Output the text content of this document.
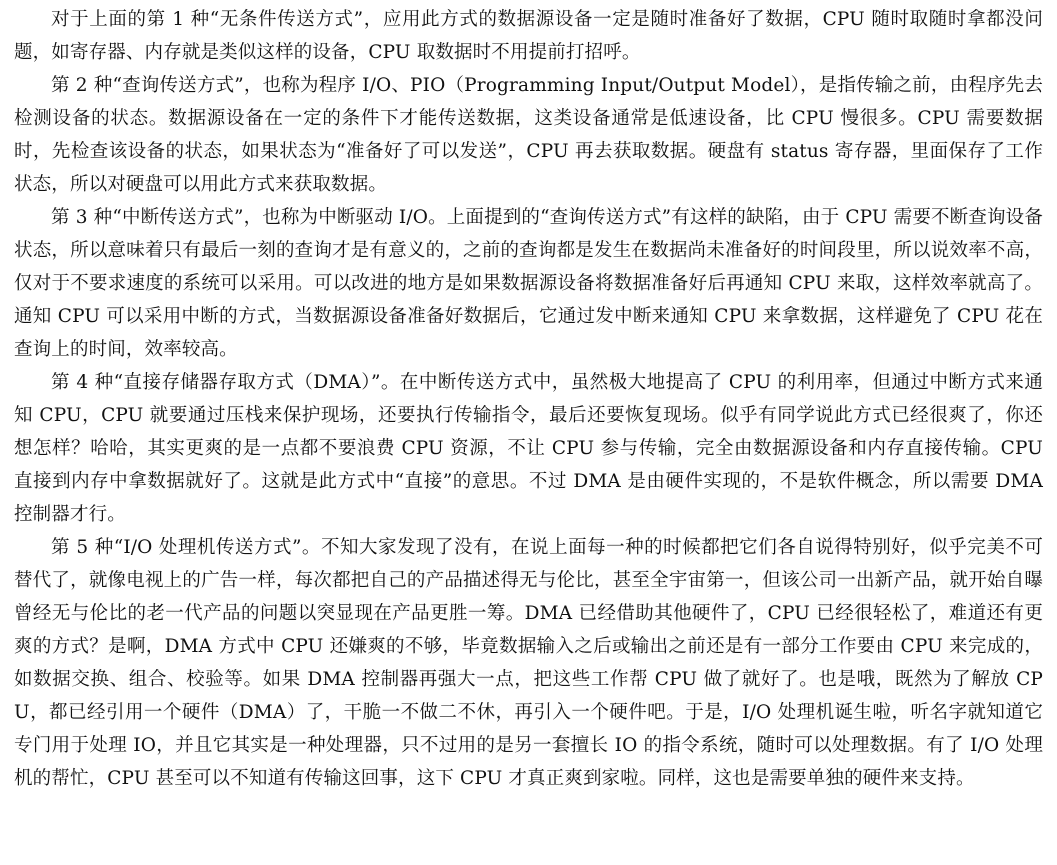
对于上面的第 1 种“无条件传送方式”，应用此方式的数据源设备一定是随时准备好了数据，CPU 随时取随时拿都没问题，如寄存器、内存就是类似这样的设备，CPU 取数据时不用提前打招呼。

第 2 种“查询传送方式”，也称为程序 I/O、PIO（Programming Input/Output Model），是指传输之前，由程序先去检测设备的状态。数据源设备在一定的条件下才能传送数据，这类设备通常是低速设备，比 CPU 慢很多。CPU 需要数据时，先检查该设备的状态，如果状态为“准备好了可以发送”，CPU 再去获取数据。硬盘有 status 寄存器，里面保存了工作状态，所以对硬盘可以用此方式来获取数据。

第 3 种“中断传送方式”，也称为中断驱动 I/O。上面提到的“查询传送方式”有这样的缺陷，由于 CPU 需要不断查询设备状态，所以意味着只有最后一刻的查询才是有意义的，之前的查询都是发生在数据尚未准备好的时间段里，所以说效率不高，仅对于不要求速度的系统可以采用。可以改进的地方是如果数据源设备将数据准备好后再通知 CPU 来取，这样效率就高了。通知 CPU 可以采用中断的方式，当数据源设备准备好数据后，它通过发中断来通知 CPU 来拿数据，这样避免了 CPU 花在查询上的时间，效率较高。

第 4 种“直接存储器存取方式（DMA）”。在中断传送方式中，虽然极大地提高了 CPU 的利用率，但通过中断方式来通知 CPU，CPU 就要通过压栈来保护现场，还要执行传输指令，最后还要恢复现场。似乎有同学说此方式已经很爽了，你还想怎样？哈哈，其实更爽的是一点都不要浪费 CPU 资源，不让 CPU 参与传输，完全由数据源设备和内存直接传输。CPU 直接到内存中拿数据就好了。这就是此方式中“直接”的意思。不过 DMA 是由硬件实现的，不是软件概念，所以需要 DMA 控制器才行。

第 5 种“I/O 处理机传送方式”。不知大家发现了没有，在说上面每一种的时候都把它们各自说得特别好，似乎完美不可替代了，就像电视上的广告一样，每次都把自己的产品描述得无与伦比，甚至全宇宙第一，但该公司一出新产品，就开始自曝曾经无与伦比的老一代产品的问题以突显现在产品更胜一筹。DMA 已经借助其他硬件了，CPU 已经很轻松了，难道还有更爽的方式？是啊，DMA 方式中 CPU 还嫌爽的不够，毕竟数据输入之后或输出之前还是有一部分工作要由 CPU 来完成的，如数据交换、组合、校验等。如果 DMA 控制器再强大一点，把这些工作帮 CPU 做了就好了。也是哦，既然为了解放 CPU，都已经引用一个硬件（DMA）了，干脆一不做二不休，再引入一个硬件吧。于是，I/O 处理机诞生啦，听名字就知道它专门用于处理 IO，并且它其实是一种处理器，只不过用的是另一套擅长 IO 的指令系统，随时可以处理数据。有了 I/O 处理机的帮忙，CPU 甚至可以不知道有传输这回事，这下 CPU 才真正爽到家啦。同样，这也是需要单独的硬件来支持。
